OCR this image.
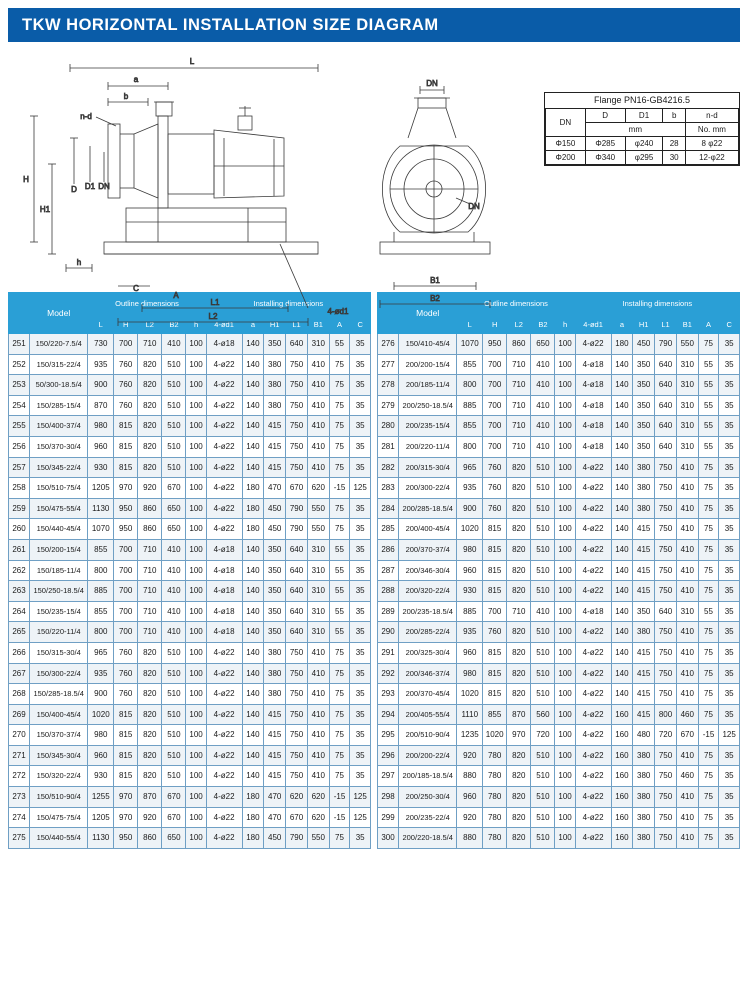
TKW HORIZONTAL INSTALLATION SIZE DIAGRAM
L
a
b
n-d
H
H1
D D1 DN
h
C
A
L1
L2
4-ød1
DN
DN
B1
B2
Flange PN16-GB4216.5				
DN	D	D1	b	n-d
	mm			No. mm
Φ150	Φ285	φ240	28	8 φ22
Φ200	Φ340	φ295	30	12-φ22
	Model	Outline dimensions					Installing dimensions						
		L	H	L2	B2	h	4-ød1	a	H1	L1	B1	A	C
251	150/220-7.5/4	730	700	710	410	100	4-ø18	140	350	640	310	55	35
252	150/315-22/4	935	760	820	510	100	4-ø22	140	380	750	410	75	35
253	50/300-18.5/4	900	760	820	510	100	4-ø22	140	380	750	410	75	35
254	150/285-15/4	870	760	820	510	100	4-ø22	140	380	750	410	75	35
255	150/400-37/4	980	815	820	510	100	4-ø22	140	415	750	410	75	35
256	150/370-30/4	960	815	820	510	100	4-ø22	140	415	750	410	75	35
257	150/345-22/4	930	815	820	510	100	4-ø22	140	415	750	410	75	35
258	150/510-75/4	1205	970	920	670	100	4-ø22	180	470	670	620	-15	125
259	150/475-55/4	1130	950	860	650	100	4-ø22	180	450	790	550	75	35
260	150/440-45/4	1070	950	860	650	100	4-ø22	180	450	790	550	75	35
261	150/200-15/4	855	700	710	410	100	4-ø18	140	350	640	310	55	35
262	150/185-11/4	800	700	710	410	100	4-ø18	140	350	640	310	55	35
263	150/250-18.5/4	885	700	710	410	100	4-ø18	140	350	640	310	55	35
264	150/235-15/4	855	700	710	410	100	4-ø18	140	350	640	310	55	35
265	150/220-11/4	800	700	710	410	100	4-ø18	140	350	640	310	55	35
266	150/315-30/4	965	760	820	510	100	4-ø22	140	380	750	410	75	35
267	150/300-22/4	935	760	820	510	100	4-ø22	140	380	750	410	75	35
268	150/285-18.5/4	900	760	820	510	100	4-ø22	140	380	750	410	75	35
269	150/400-45/4	1020	815	820	510	100	4-ø22	140	415	750	410	75	35
270	150/370-37/4	980	815	820	510	100	4-ø22	140	415	750	410	75	35
271	150/345-30/4	960	815	820	510	100	4-ø22	140	415	750	410	75	35
272	150/320-22/4	930	815	820	510	100	4-ø22	140	415	750	410	75	35
273	150/510-90/4	1255	970	870	670	100	4-ø22	180	470	620	620	-15	125
274	150/475-75/4	1205	970	920	670	100	4-ø22	180	470	670	620	-15	125
275	150/440-55/4	1130	950	860	650	100	4-ø22	180	450	790	550	75	35
	Model	Outline dimensions					Installing dimensions						
		L	H	L2	B2	h	4-ød1	a	H1	L1	B1	A	C
276	150/410-45/4	1070	950	860	650	100	4-ø22	180	450	790	550	75	35
277	200/200-15/4	855	700	710	410	100	4-ø18	140	350	640	310	55	35
278	200/185-11/4	800	700	710	410	100	4-ø18	140	350	640	310	55	35
279	200/250-18.5/4	885	700	710	410	100	4-ø18	140	350	640	310	55	35
280	200/235-15/4	855	700	710	410	100	4-ø18	140	350	640	310	55	35
281	200/220-11/4	800	700	710	410	100	4-ø18	140	350	640	310	55	35
282	200/315-30/4	965	760	820	510	100	4-ø22	140	380	750	410	75	35
283	200/300-22/4	935	760	820	510	100	4-ø22	140	380	750	410	75	35
284	200/285-18.5/4	900	760	820	510	100	4-ø22	140	380	750	410	75	35
285	200/400-45/4	1020	815	820	510	100	4-ø22	140	415	750	410	75	35
286	200/370-37/4	980	815	820	510	100	4-ø22	140	415	750	410	75	35
287	200/346-30/4	960	815	820	510	100	4-ø22	140	415	750	410	75	35
288	200/320-22/4	930	815	820	510	100	4-ø22	140	415	750	410	75	35
289	200/235-18.5/4	885	700	710	410	100	4-ø18	140	350	640	310	55	35
290	200/285-22/4	935	760	820	510	100	4-ø22	140	380	750	410	75	35
291	200/325-30/4	960	815	820	510	100	4-ø22	140	415	750	410	75	35
292	200/346-37/4	980	815	820	510	100	4-ø22	140	415	750	410	75	35
293	200/370-45/4	1020	815	820	510	100	4-ø22	140	415	750	410	75	35
294	200/405-55/4	1110	855	870	560	100	4-ø22	160	415	800	460	75	35
295	200/510-90/4	1235	1020	970	720	100	4-ø22	160	480	720	670	-15	125
296	200/200-22/4	920	780	820	510	100	4-ø22	160	380	750	410	75	35
297	200/185-18.5/4	880	780	820	510	100	4-ø22	160	380	750	460	75	35
298	200/250-30/4	960	780	820	510	100	4-ø22	160	380	750	410	75	35
299	200/235-22/4	920	780	820	510	100	4-ø22	160	380	750	410	75	35
300	200/220-18.5/4	880	780	820	510	100	4-ø22	160	380	750	410	75	35
